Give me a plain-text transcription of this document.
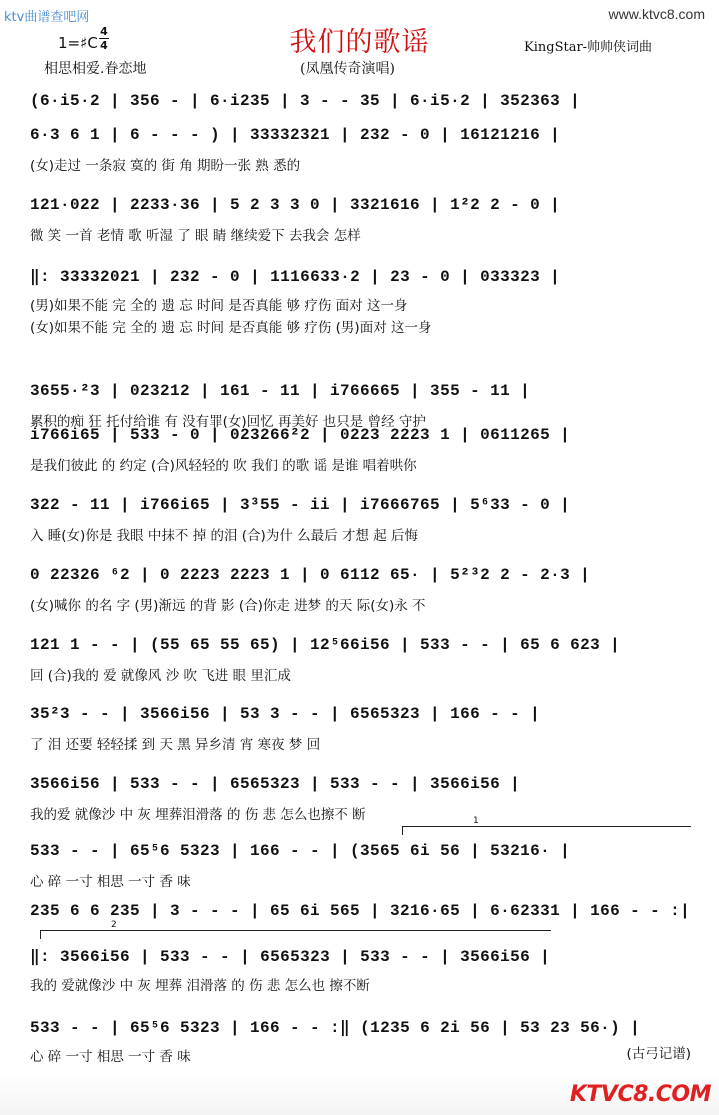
ktv曲谱查吧网	www.ktvc8.com
我们的歌谣
1=♯C
4
4
相思相爱.眷恋地
KingStar-帅帅侠词曲
(凤凰传奇演唱)
(6·i5·2 | 356 - | 6·i235 | 3 - - 35 | 6·i5·2 | 352363 |
6·3 6 1 | 6 - - - ) | 33332321 | 232 - 0 | 16121216 |
(女)走过 一条寂 寞的 街 角 期盼一张 熟 悉的
121·022 | 2233·36 | 5 2 3 3 0 | 3321616 | 1²2 2 - 0 |
微 笑 一首 老情 歌 听湿 了 眼 睛 继续爱下 去我会 怎样
‖: 33332021 | 232 - 0 | 1116633·2 | 23 - 0 | 033323 |
(男)如果不能 完 全的 遗 忘 时间 是否真能 够 疗伤 面对 这一身
(女)如果不能 完 全的 遗 忘 时间 是否真能 够 疗伤 (男)面对 这一身
3655·²3 | 023212 | 161 - 11 | i766665 | 355 - 11 |
累积的痴 狂 托付给谁 有 没有罪(女)回忆 再美好 也只是 曾经 守护
i766i65 | 533 - 0 | 023266²2 | 0223 2223 1 | 0611265 |
是我们彼此 的 约定 (合)风轻轻的 吹 我们 的歌 谣 是谁 唱着哄你
322 - 11 | i766i65 | 3³55 - ii | i7666765 | 5⁶33 - 0 |
入 睡(女)你是 我眼 中抹不 掉 的泪 (合)为什 么最后 才想 起 后悔
0 22326 ⁶2 | 0 2223 2223 1 | 0 6112 65· | 5²³2 2 - 2·3 |
(女)喊你 的名 字 (男)渐远 的背 影 (合)你走 进梦 的天 际(女)永 不
121 1 - - | (55 65 55 65) | 12⁵66i56 | 533 - - | 65 6 623 |
回 (合)我的 爱 就像风 沙 吹 飞进 眼 里汇成
35²3 - - | 3566i56 | 53 3 - - | 6565323 | 166 - - |
了 泪 还要 轻轻揉 到 天 黑 异乡清 宵 寒夜 梦 回
3566i56 | 533 - - | 6565323 | 533 - - | 3566i56 |
我的爱 就像沙 中 灰 埋葬泪滑落 的 伤 悲 怎么也擦不 断
533 - - | 65⁵6 5323 | 166 - - | (3565 6i 56 | 53216· |
心 碎 一寸 相思 一寸 香 味
235 6 6 235 | 3 - - - | 65 6i 565 | 3216·65 | 6·62331 | 166 - - :|
‖: 3566i56 | 533 - - | 6565323 | 533 - - | 3566i56 |
我的 爱就像沙 中 灰 埋葬 泪滑落 的 伤 悲 怎么也 擦不断
533 - - | 65⁵6 5323 | 166 - - :‖ (1235 6 2i 56 | 53 23 56·) |
心 碎 一寸 相思 一寸 香 味
1
2
(古弓记谱)
KTVC8.COM
